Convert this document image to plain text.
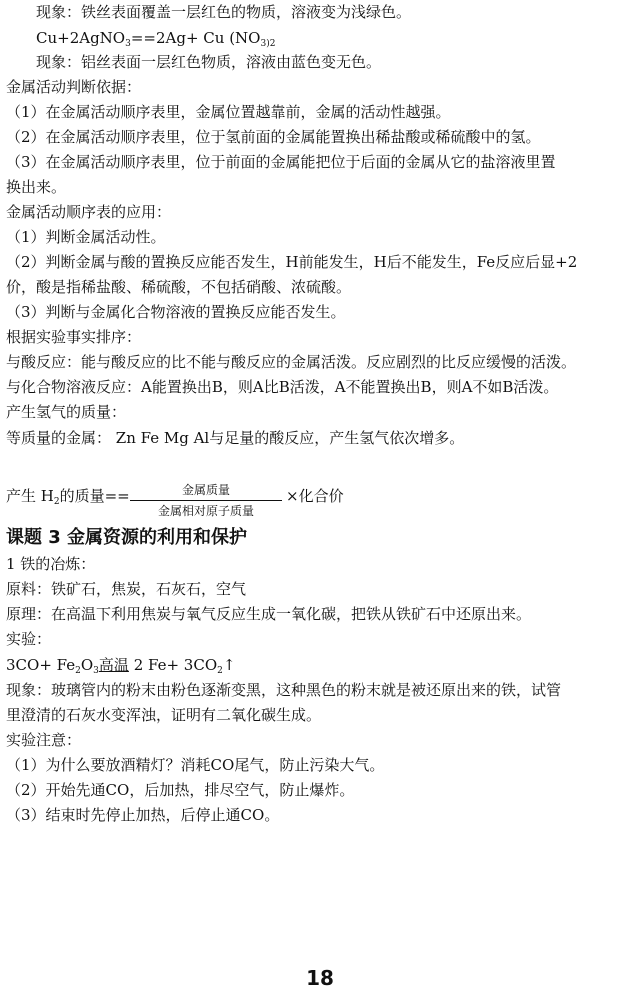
现象：铁丝表面覆盖一层红色的物质，溶液变为浅绿色。
Cu+2AgNO$_3$==2Ag+ Cu ($NO_{3)2}$
现象：铝丝表面一层红色物质，溶液由蓝色变无色。
金属活动判断依据：
（1）在金属活动顺序表里，金属位置越靠前，金属的活动性越强。
（2）在金属活动顺序表里，位于氢前面的金属能置换出稀盐酸或稀硫酸中的氢。
（3）在金属活动顺序表里，位于前面的金属能把位于后面的金属从它的盐溶液里置
换出来。
金属活动顺序表的应用：
（1）判断金属活动性。
（2）判断金属与酸的置换反应能否发生，H前能发生，H后不能发生，Fe反应后显+2
价，酸是指稀盐酸、稀硫酸，不包括硝酸、浓硫酸。
（3）判断与金属化合物溶液的置换反应能否发生。
根据实验事实排序：
与酸反应：能与酸反应的比不能与酸反应的金属活泼。反应剧烈的比反应缓慢的活泼。
与化合物溶液反应：A能置换出B，则A比B活泼，A不能置换出B，则A不如B活泼。
产生氢气的质量：
等质量的金属： Zn Fe Mg Al与足量的酸反应，产生氢气依次增多。
产生 $H_2$的质量==	金属质量
金属相对原子质量
×化合价
课题 3 金属资源的利用和保护
1 铁的冶炼：
原料：铁矿石，焦炭，石灰石，空气
原理：在高温下利用焦炭与氧气反应生成一氧化碳，把铁从铁矿石中还原出来。
实验：
$3CO+ Fe_2O_3$高温 2 $Fe+ 3CO_2↑$
现象：玻璃管内的粉末由粉色逐渐变黑，这种黑色的粉末就是被还原出来的铁，试管
里澄清的石灰水变浑浊，证明有二氧化碳生成。
实验注意：
（1）为什么要放酒精灯？消耗CO尾气，防止污染大气。
（2）开始先通CO，后加热，排尽空气，防止爆炸。
（3）结束时先停止加热，后停止通CO。
18
